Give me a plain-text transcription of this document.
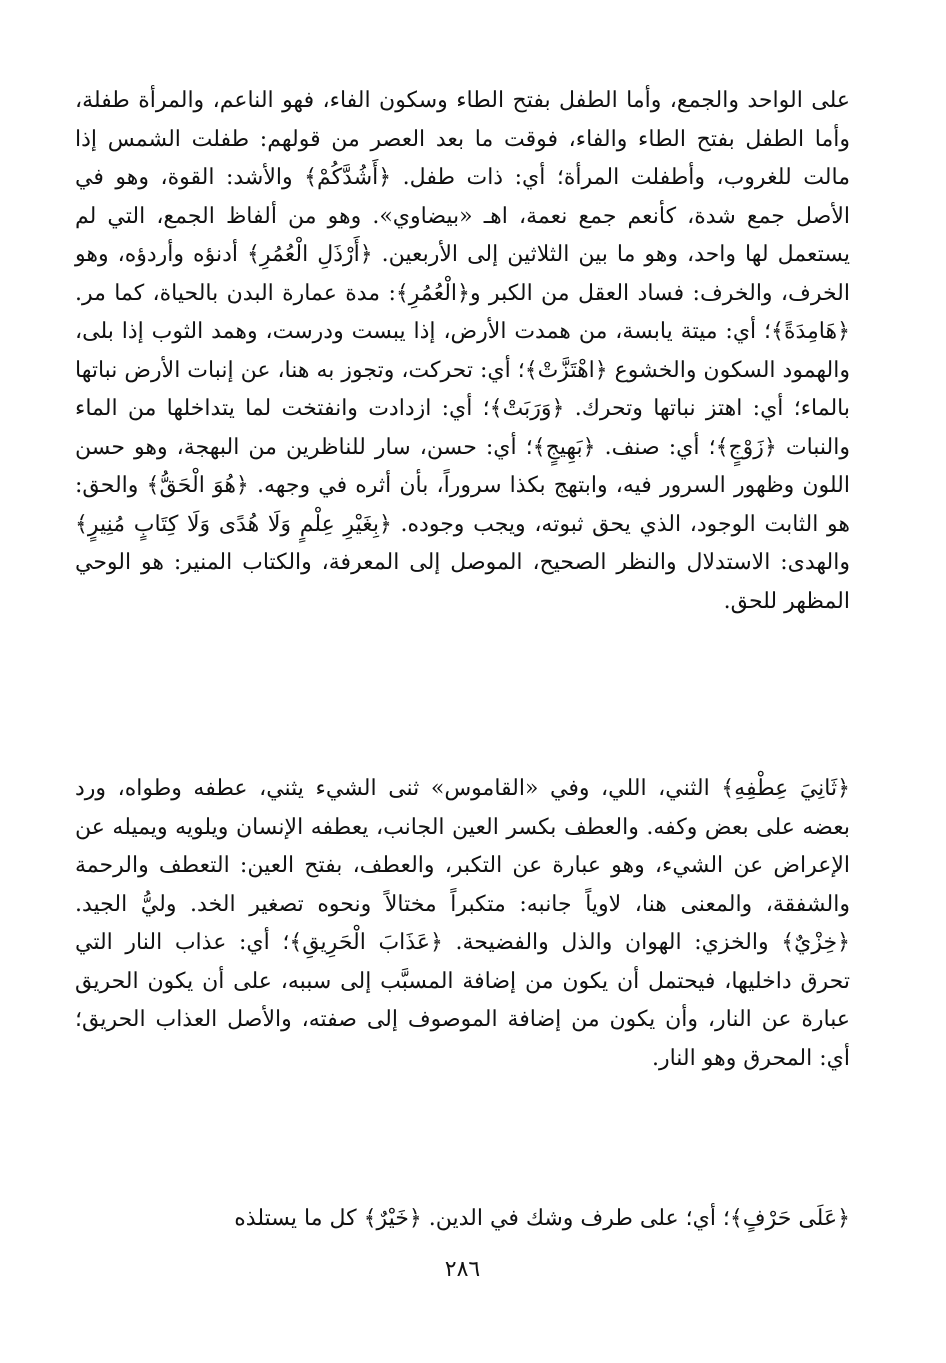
على الواحد والجمع، وأما الطفل بفتح الطاء وسكون الفاء، فهو الناعم، والمرأة طفلة، وأما الطفل بفتح الطاء والفاء، فوقت ما بعد العصر من قولهم: طفلت الشمس إذا مالت للغروب، وأطفلت المرأة؛ أي: ذات طفل. ﴿أَشُدَّكُمْ﴾ والأشد: القوة، وهو في الأصل جمع شدة، كأنعم جمع نعمة، اهـ «بيضاوي». وهو من ألفاظ الجمع، التي لم يستعمل لها واحد، وهو ما بين الثلاثين إلى الأربعين. ﴿أَرْذَلِ الْعُمُرِ﴾ أدنؤه وأردؤه، وهو الخرف، والخرف: فساد العقل من الكبر و﴿الْعُمُرِ﴾: مدة عمارة البدن بالحياة، كما مر. ﴿هَامِدَةً﴾؛ أي: ميتة يابسة، من همدت الأرض، إذا يبست ودرست، وهمد الثوب إذا بلى، والهمود السكون والخشوع ﴿اهْتَزَّتْ﴾؛ أي: تحركت، وتجوز به هنا، عن إنبات الأرض نباتها بالماء؛ أي: اهتز نباتها وتحرك. ﴿وَرَبَتْ﴾؛ أي: ازدادت وانفتخت لما يتداخلها من الماء والنبات ﴿زَوْجٍ﴾؛ أي: صنف. ﴿بَهِيجٍ﴾؛ أي: حسن، سار للناظرين من البهجة، وهو حسن اللون وظهور السرور فيه، وابتهج بكذا سروراً، بأن أثره في وجهه. ﴿هُوَ الْحَقُّ﴾ والحق: هو الثابت الوجود، الذي يحق ثبوته، ويجب وجوده. ﴿بِغَيْرِ عِلْمٍ وَلَا هُدًى وَلَا كِتَابٍ مُنِيرٍ﴾ والهدى: الاستدلال والنظر الصحيح، الموصل إلى المعرفة، والكتاب المنير: هو الوحي المظهر للحق.

﴿ثَانِيَ عِطْفِهِ﴾ الثني، اللي، وفي «القاموس» ثنى الشيء يثني، عطفه وطواه، ورد بعضه على بعض وكفه. والعطف بكسر العين الجانب، يعطفه الإنسان ويلويه ويميله عن الإعراض عن الشيء، وهو عبارة عن التكبر، والعطف، بفتح العين: التعطف والرحمة والشفقة، والمعنى هنا، لاوياً جانبه: متكبراً مختالاً ونحوه تصغير الخد. وليُّ الجيد. ﴿خِزْيٌ﴾ والخزي: الهوان والذل والفضيحة. ﴿عَذَابَ الْحَرِيقِ﴾؛ أي: عذاب النار التي تحرق داخليها، فيحتمل أن يكون من إضافة المسبَّب إلى سببه، على أن يكون الحريق عبارة عن النار، وأن يكون من إضافة الموصوف إلى صفته، والأصل العذاب الحريق؛ أي: المحرق وهو النار.

﴿عَلَى حَرْفٍ﴾؛ أي؛ على طرف وشك في الدين. ﴿خَيْرٌ﴾ كل ما يستلذه

٢٨٦
